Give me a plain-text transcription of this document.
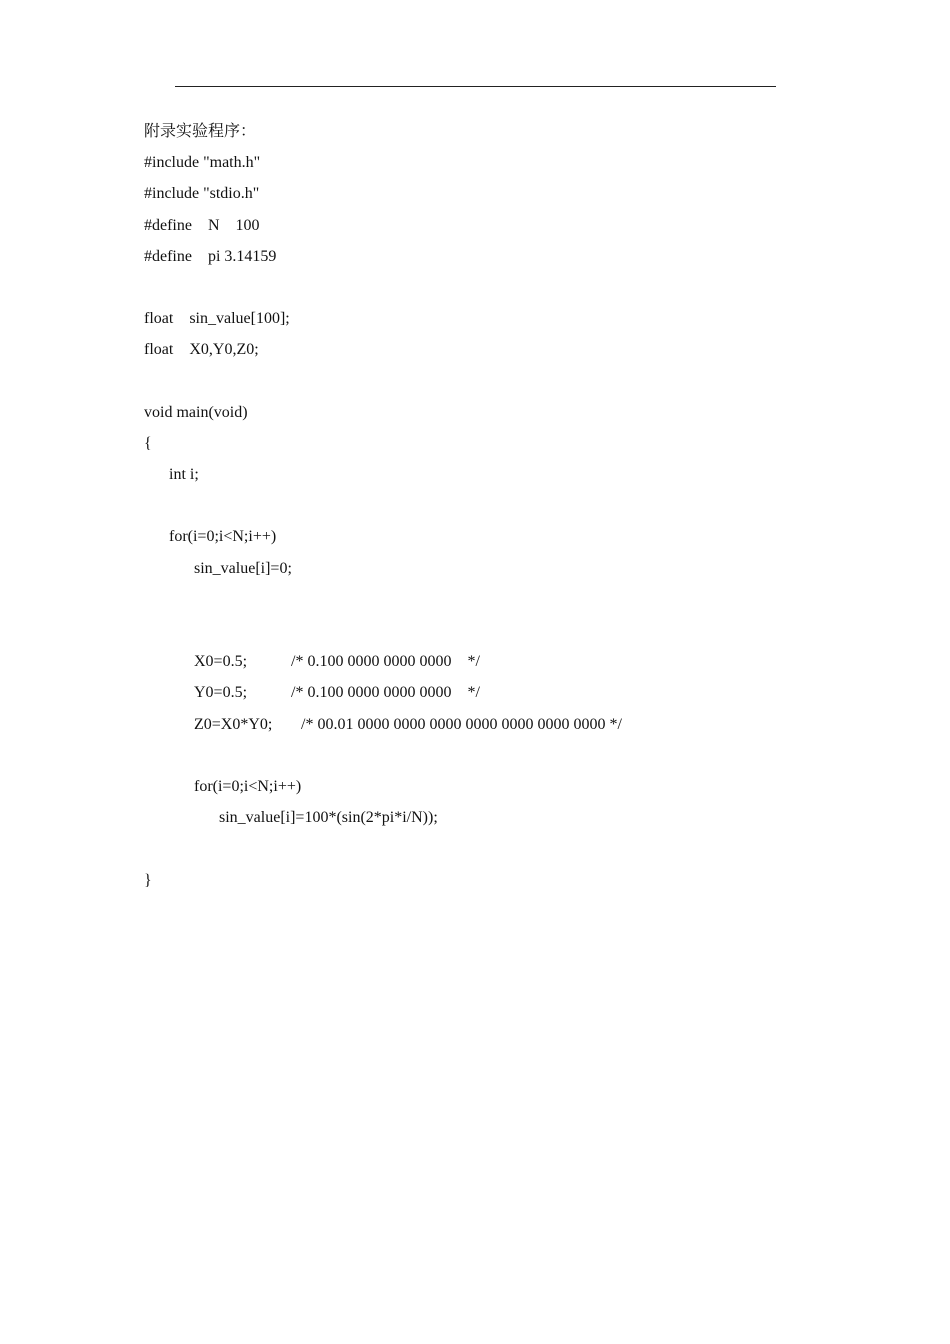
附录实验程序：
#include "math.h"
#include "stdio.h"
#define N 100
#define pi 3.14159
float sin_value[100];
float X0,Y0,Z0;
void main(void)
{
int i;
for(i=0;i<N;i++)
sin_value[i]=0;
X0=0.5;	/* 0.100 0000 0000 0000    */
Y0=0.5;	/* 0.100 0000 0000 0000    */
Z0=X0*Y0; /* 00.01 0000 0000 0000 0000 0000 0000 0000 */
for(i=0;i<N;i++)
sin_value[i]=100*(sin(2*pi*i/N));
}
